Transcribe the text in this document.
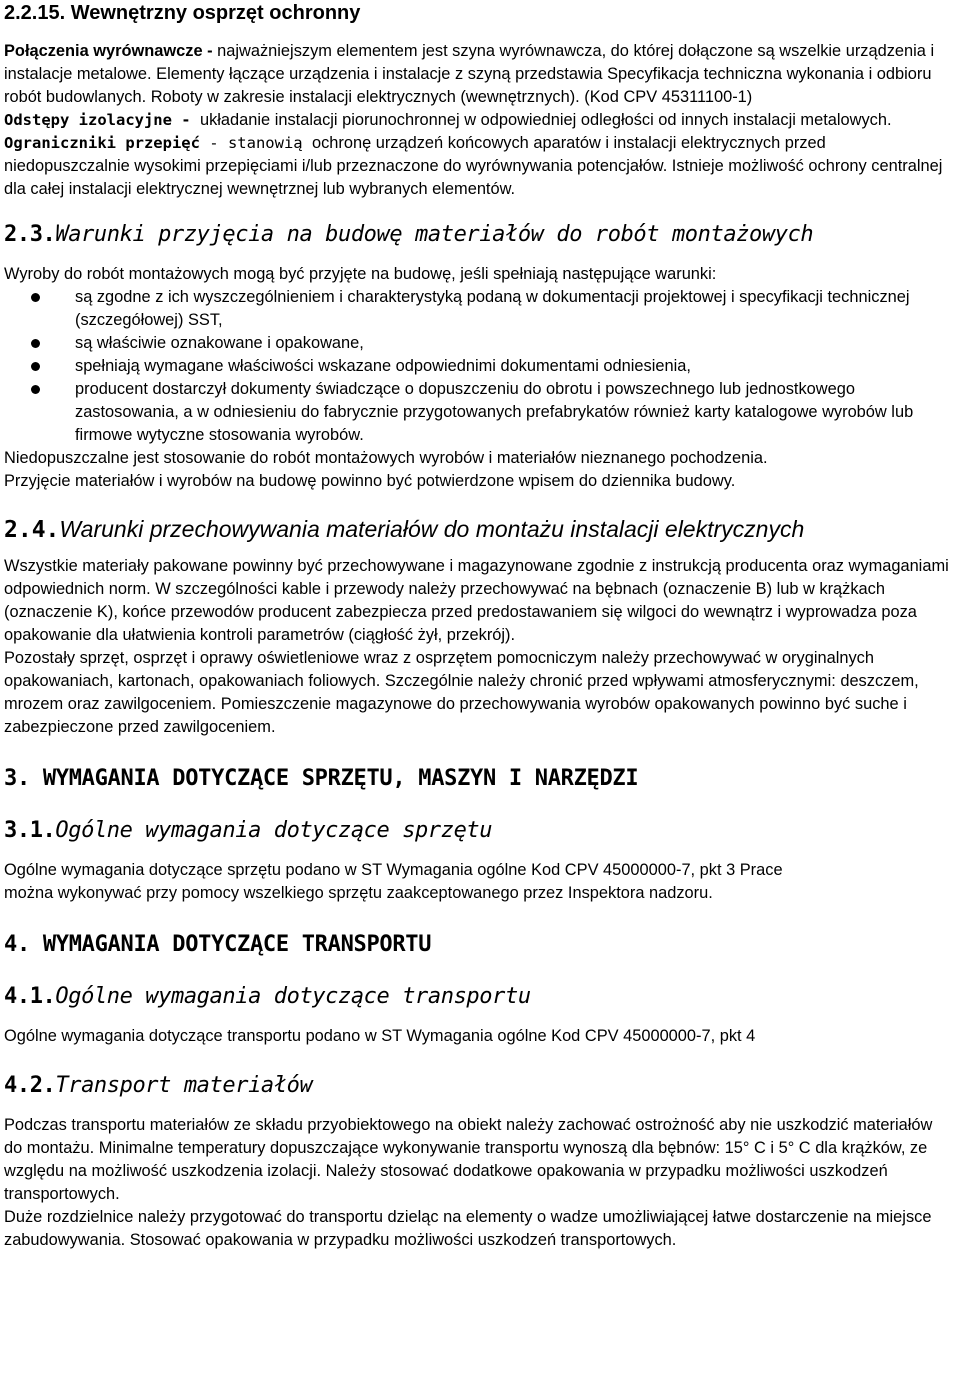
2.2.15. Wewnętrzny osprzęt ochronny

Połączenia wyrównawcze - najważniejszym elementem jest szyna wyrównawcza, do której dołączone są wszelkie urządzenia i instalacje metalowe. Elementy łączące urządzenia i instalacje z szyną przedstawia Specyfikacja techniczna wykonania i odbioru robót budowlanych. Roboty w zakresie instalacji elektrycznych (wewnętrznych). (Kod CPV 45311100-1)

Odstępy izolacyjne - układanie instalacji piorunochronnej w odpowiedniej odległości od innych instalacji metalowych.

Ograniczniki przepięć - stanowią ochronę urządzeń końcowych aparatów i instalacji elektrycznych przed niedopuszczalnie wysokimi przepięciami i/lub przeznaczone do wyrównywania potencjałów. Istnieje możliwość ochrony centralnej dla całej instalacji elektrycznej wewnętrznej lub wybranych elementów.

2.3.Warunki przyjęcia na budowę materiałów do robót montażowych

Wyroby do robót montażowych mogą być przyjęte na budowę, jeśli spełniają następujące warunki:

są zgodne z ich wyszczególnieniem i charakterystyką podaną w dokumentacji projektowej i specyfikacji technicznej (szczegółowej) SST,
są właściwie oznakowane i opakowane,
spełniają wymagane właściwości wskazane odpowiednimi dokumentami odniesienia,
producent dostarczył dokumenty świadczące o dopuszczeniu do obrotu i powszechnego lub jednostkowego zastosowania, a w odniesieniu do fabrycznie przygotowanych prefabrykatów również karty katalogowe wyrobów lub firmowe wytyczne stosowania wyrobów.

Niedopuszczalne jest stosowanie do robót montażowych wyrobów i materiałów nieznanego pochodzenia.

Przyjęcie materiałów i wyrobów na budowę powinno być potwierdzone wpisem do dziennika budowy.

2.4.Warunki przechowywania materiałów do montażu instalacji elektrycznych

Wszystkie materiały pakowane powinny być przechowywane i magazynowane zgodnie z instrukcją producenta oraz wymaganiami odpowiednich norm. W szczególności kable i przewody należy przechowywać na bębnach (oznaczenie B) lub w krążkach (oznaczenie K), końce przewodów producent zabezpiecza przed predostawaniem się wilgoci do wewnątrz i wyprowadza poza opakowanie dla ułatwienia kontroli parametrów (ciągłość żył, przekrój).

Pozostały sprzęt, osprzęt i oprawy oświetleniowe wraz z osprzętem pomocniczym należy przechowywać w oryginalnych opakowaniach, kartonach, opakowaniach foliowych. Szczególnie należy chronić przed wpływami atmosferycznymi: deszczem, mrozem oraz zawilgoceniem. Pomieszczenie magazynowe do przechowywania wyrobów opakowanych powinno być suche i zabezpieczone przed zawilgoceniem.

3. WYMAGANIA DOTYCZĄCE SPRZĘTU, MASZYN I NARZĘDZI
3.1.Ogólne wymagania dotyczące sprzętu

Ogólne wymagania dotyczące sprzętu podano w ST Wymagania ogólne Kod CPV 45000000-7, pkt 3 Prace można wykonywać przy pomocy wszelkiego sprzętu zaakceptowanego przez Inspektora nadzoru.

4. WYMAGANIA DOTYCZĄCE TRANSPORTU
4.1.Ogólne wymagania dotyczące transportu

Ogólne wymagania dotyczące transportu podano w ST Wymagania ogólne Kod CPV 45000000-7, pkt 4

4.2.Transport materiałów

Podczas transportu materiałów ze składu przyobiektowego na obiekt należy zachować ostrożność aby nie uszkodzić materiałów do montażu. Minimalne temperatury dopuszczające wykonywanie transportu wynoszą dla bębnów: 15° C i 5° C dla krążków, ze względu na możliwość uszkodzenia izolacji. Należy stosować dodatkowe opakowania w przypadku możliwości uszkodzeń transportowych.

Duże rozdzielnice należy przygotować do transportu dzieląc na elementy o wadze umożliwiającej łatwe dostarczenie na miejsce zabudowywania. Stosować opakowania w przypadku możliwości uszkodzeń transportowych.
